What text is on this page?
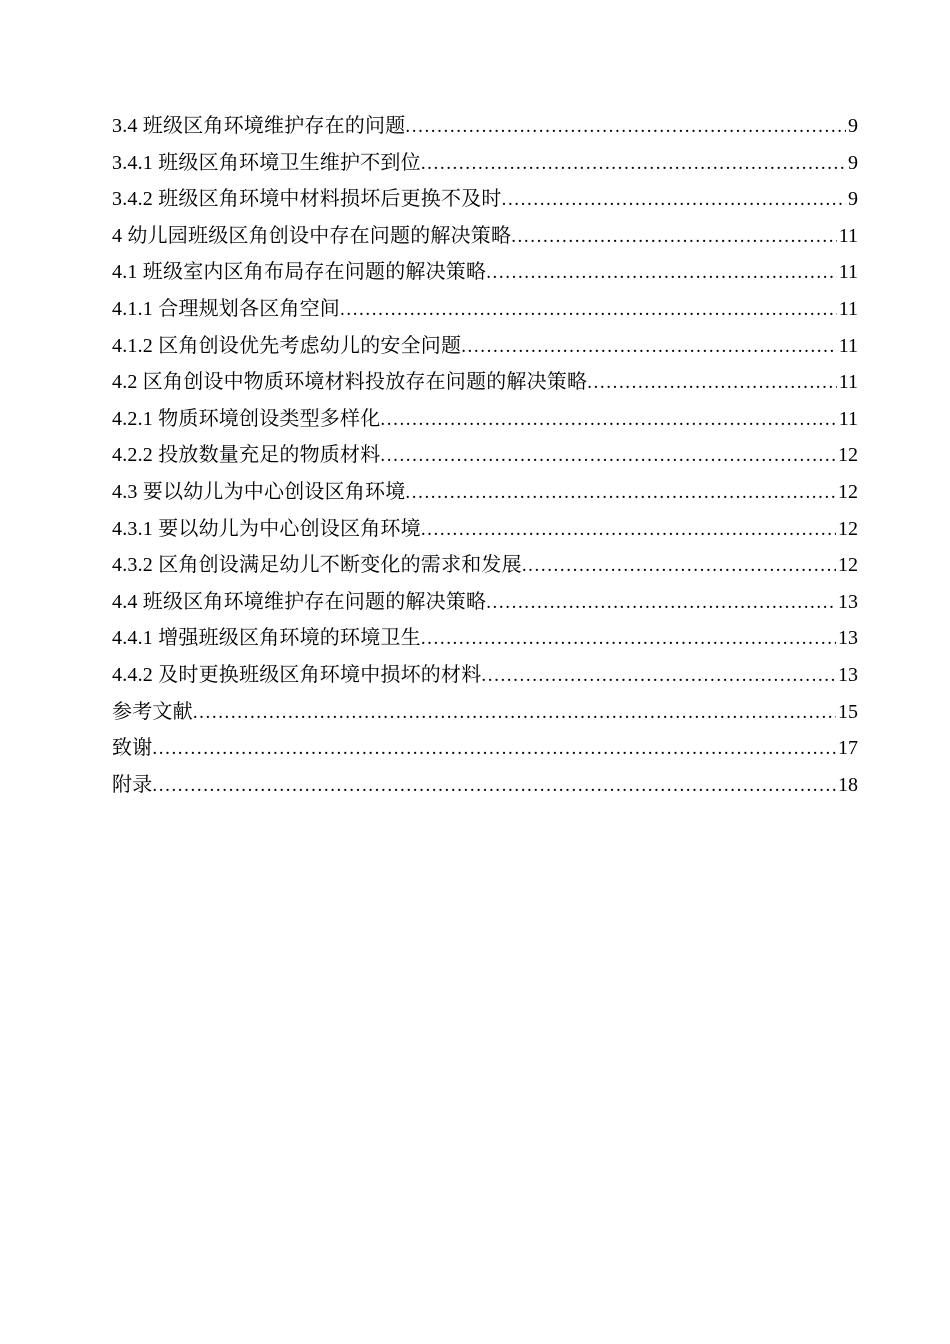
3.4 班级区角环境维护存在的问题 .....	9
3.4.1 班级区角环境卫生维护不到位 .....	9
3.4.2 班级区角环境中材料损坏后更换不及时 .....	9
4 幼儿园班级区角创设中存在问题的解决策略 .....	11
4.1 班级室内区角布局存在问题的解决策略 .....	11
4.1.1 合理规划各区角空间 .....	11
4.1.2 区角创设优先考虑幼儿的安全问题 .....	11
4.2 区角创设中物质环境材料投放存在问题的解决策略 .....	11
4.2.1 物质环境创设类型多样化 .....	11
4.2.2 投放数量充足的物质材料 .....	12
4.3 要以幼儿为中心创设区角环境 .....	12
4.3.1 要以幼儿为中心创设区角环境 .....	12
4.3.2 区角创设满足幼儿不断变化的需求和发展 .....	12
4.4 班级区角环境维护存在问题的解决策略 .....	13
4.4.1 增强班级区角环境的环境卫生 .....	13
4.4.2 及时更换班级区角环境中损坏的材料 .....	13
参考文献 .....	15
致谢 .....	17
附录 .....	18
